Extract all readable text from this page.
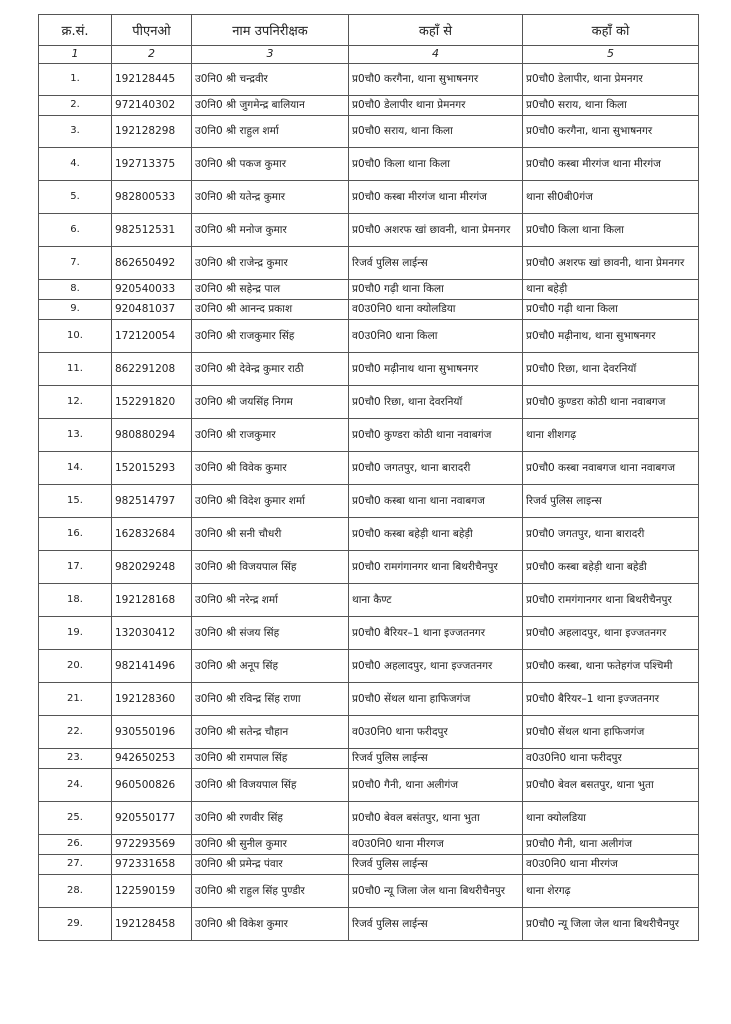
क्र.सं.	पीएनओ	नाम उपनिरीक्षक	कहाँ से	कहाँ को
1	2	3	4	5
1.	192128445	उ0नि0 श्री चन्द्रवीर	प्र0चौ0 करगैना, थाना सुभाषनगर	प्र0चौ0 डेलापीर, थाना प्रेमनगर
2.	972140302	उ0नि0 श्री जुगमेन्द्र बालियान	प्र0चौ0 डेलापीर थाना प्रेमनगर	प्र0चौ0 सराय, थाना किला
3.	192128298	उ0नि0 श्री राहुल शर्मा	प्र0चौ0 सराय, थाना किला	प्र0चौ0 करगैना, थाना सुभाषनगर
4.	192713375	उ0नि0 श्री पकज कुमार	प्र0चौ0 किला थाना किला	प्र0चौ0 कस्बा मीरगंज थाना मीरगंज
5.	982800533	उ0नि0 श्री यतेन्द्र कुमार	प्र0चौ0 कस्बा मीरगंज थाना मीरगंज	थाना सी0बी0गंज
6.	982512531	उ0नि0 श्री मनोज कुमार	प्र0चौ0 अशरफ खां छावनी, थाना प्रेमनगर	प्र0चौ0 किला थाना किला
7.	862650492	उ0नि0 श्री राजेन्द्र कुमार	रिजर्व पुलिस लाईन्स	प्र0चौ0 अशरफ खां छावनी, थाना प्रेमनगर
8.	920540033	उ0नि0 श्री सहेन्द्र पाल	प्र0चौ0 गढ़ी थाना किला	थाना बहेड़ी
9.	920481037	उ0नि0 श्री आनन्द प्रकाश	व0उ0नि0 थाना क्योलडिया	प्र0चौ0 गढ़ी थाना किला
10.	172120054	उ0नि0 श्री राजकुमार सिंह	व0उ0नि0 थाना किला	प्र0चौ0 मढ़ीनाथ, थाना सुभाषनगर
11.	862291208	उ0नि0 श्री देवेन्द्र कुमार राठी	प्र0चौ0 मढ़ीनाथ थाना सुभाषनगर	प्र0चौ0 रिछा, थाना देवरनियॉ
12.	152291820	उ0नि0 श्री जयसिंह निगम	प्र0चौ0 रिछा, थाना देवरनियॉ	प्र0चौ0 कुण्डरा कोठी थाना नवाबगज
13.	980880294	उ0नि0 श्री राजकुमार	प्र0चौ0 कुण्डरा कोठी थाना नवाबगंज	थाना शीशगढ़
14.	152015293	उ0नि0 श्री विवेक कुमार	प्र0चौ0 जगतपुर, थाना बारादरी	प्र0चौ0 कस्बा नवाबगज थाना नवाबगज
15.	982514797	उ0नि0 श्री विदेश कुमार शर्मा	प्र0चौ0 कस्बा थाना थाना नवाबगज	रिजर्व पुलिस लाइन्स
16.	162832684	उ0नि0 श्री सनी चौधरी	प्र0चौ0 कस्बा बहेड़ी थाना बहेड़ी	प्र0चौ0 जगतपुर, थाना बारादरी
17.	982029248	उ0नि0 श्री विजयपाल सिंह	प्र0चौ0 रामगंगानगर थाना बिथरीचैनपुर	प्र0चौ0 कस्बा बहेड़ी थाना बहेडी
18.	192128168	उ0नि0 श्री नरेन्द्र शर्मा	थाना कैण्ट	प्र0चौ0 रामगंगानगर थाना बिथरीचैनपुर
19.	132030412	उ0नि0 श्री संजय सिंह	प्र0चौ0 बैरियर–1 थाना इज्जतनगर	प्र0चौ0 अहलादपुर, थाना इज्जतनगर
20.	982141496	उ0नि0 श्री अनूप सिंह	प्र0चौ0 अहलादपुर, थाना इज्जतनगर	प्र0चौ0 कस्बा, थाना फतेहगंज पश्चिमी
21.	192128360	उ0नि0 श्री रविन्द्र सिंह राणा	प्र0चौ0 सेंथल थाना हाफिजगंज	प्र0चौ0 बैरियर–1 थाना इज्जतनगर
22.	930550196	उ0नि0 श्री सतेन्द्र चौहान	व0उ0नि0 थाना फरीदपुर	प्र0चौ0 सेंथल थाना हाफिजगंज
23.	942650253	उ0नि0 श्री रामपाल सिंह	रिजर्व पुलिस लाईन्स	व0उ0नि0 थाना फरीदपुर
24.	960500826	उ0नि0 श्री विजयपाल सिंह	प्र0चौ0 गैनी, थाना अलीगंज	प्र0चौ0 बेवल बसतपुर, थाना भुता
25.	920550177	उ0नि0 श्री रणवीर सिंह	प्र0चौ0 बेवल बसंतपुर, थाना भुता	थाना क्योलडिया
26.	972293569	उ0नि0 श्री सुनील कुमार	व0उ0नि0 थाना मीरगज	प्र0चौ0 गैनी, थाना अलीगंज
27.	972331658	उ0नि0 श्री प्रमेन्द्र पंवार	रिजर्व पुलिस लाईन्स	व0उ0नि0 थाना मीरगंज
28.	122590159	उ0नि0 श्री राहुल सिंह पुण्डीर	प्र0चौ0 न्यू जिला जेल थाना बिथरीचैनपुर	थाना शेरगढ़
29.	192128458	उ0नि0 श्री विकेश कुमार	रिजर्व पुलिस लाईन्स	प्र0चौ0 न्यू जिला जेल थाना बिथरीचैनपुर
